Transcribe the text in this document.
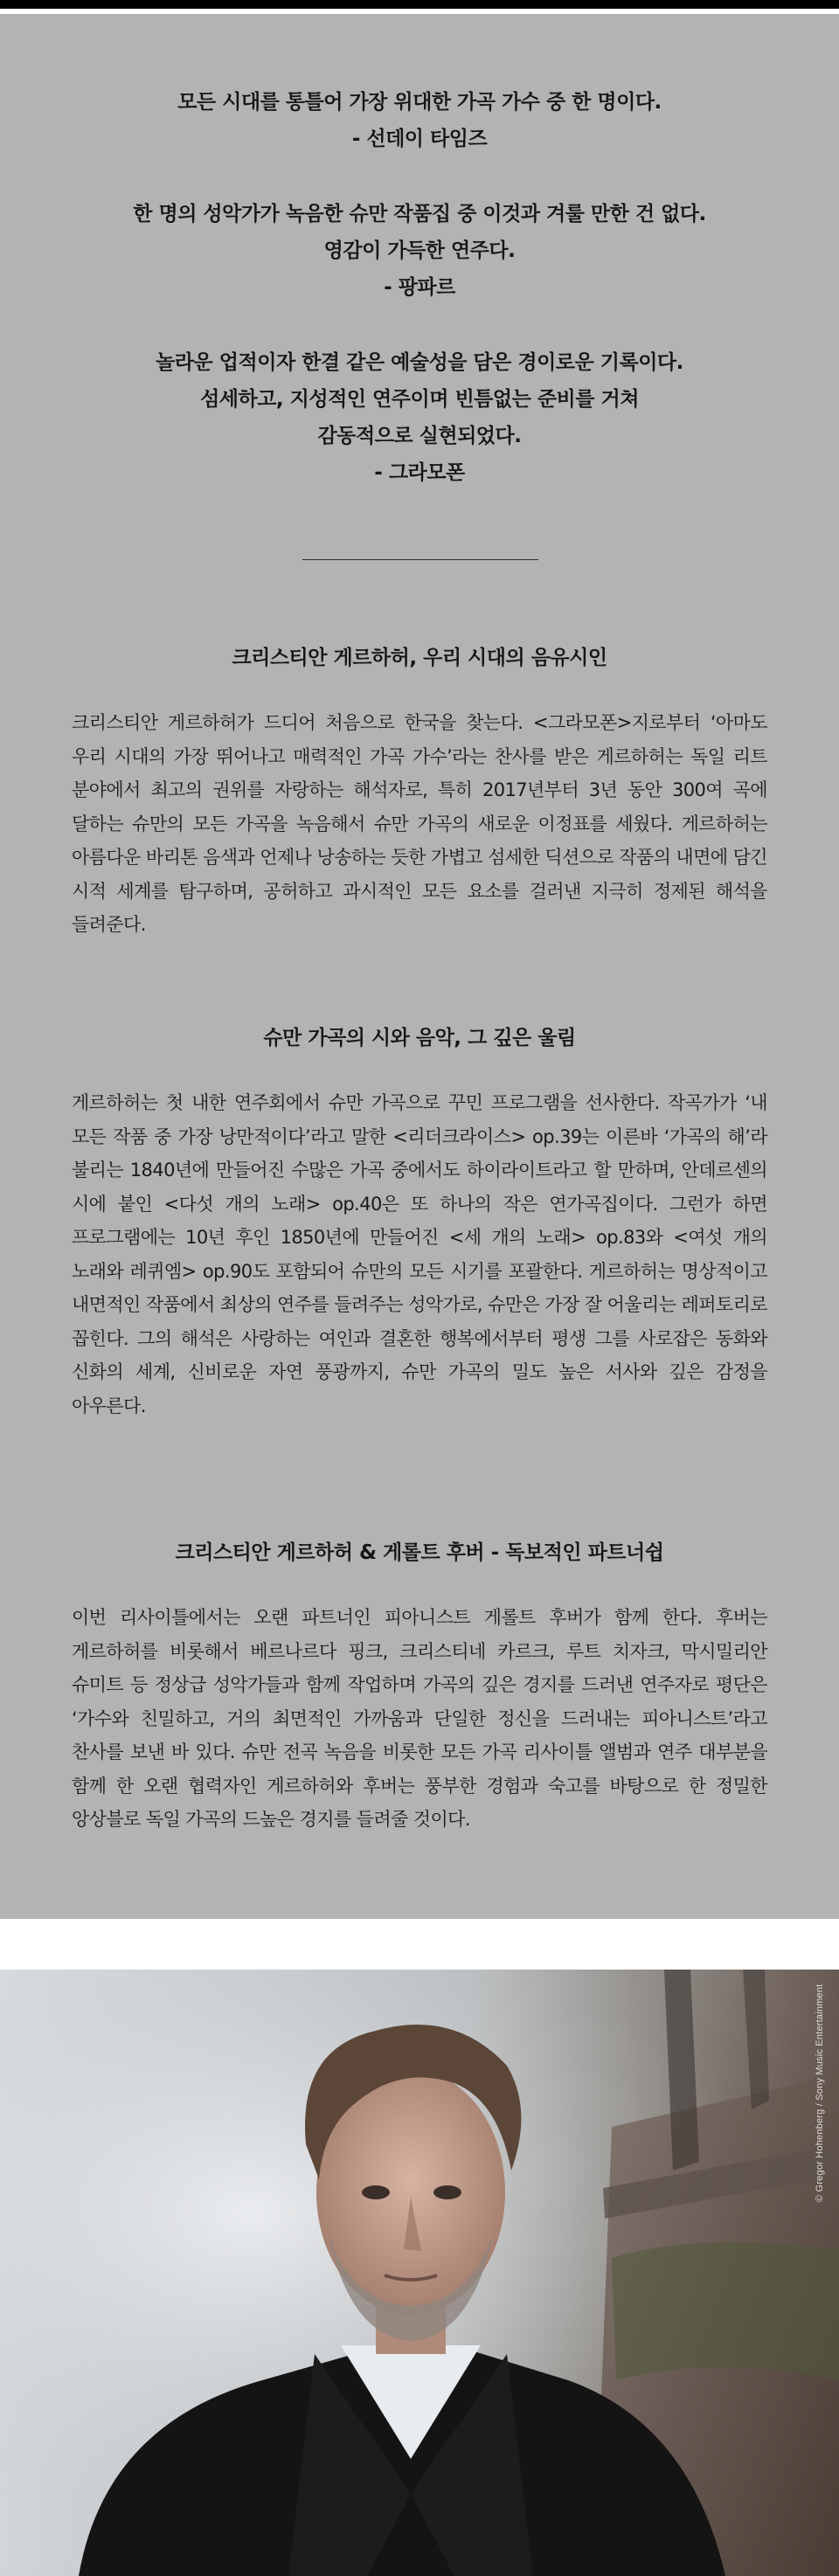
모든 시대를 통틀어 가장 위대한 가곡 가수 중 한 명이다.
- 선데이 타임즈
한 명의 성악가가 녹음한 슈만 작품집 중 이것과 겨룰 만한 건 없다.
영감이 가득한 연주다.
- 팡파르
놀라운 업적이자 한결 같은 예술성을 담은 경이로운 기록이다.
섬세하고, 지성적인 연주이며 빈틈없는 준비를 거쳐
감동적으로 실현되었다.
- 그라모폰
크리스티안 게르하허, 우리 시대의 음유시인
크리스티안 게르하허가 드디어 처음으로 한국을 찾는다. <그라모폰>지로부터 ‘아마도 우리 시대의 가장 뛰어나고 매력적인 가곡 가수’라는 찬사를 받은 게르하허는 독일 리트 분야에서 최고의 권위를 자랑하는 해석자로, 특히 2017년부터 3년 동안 300여 곡에 달하는 슈만의 모든 가곡을 녹음해서 슈만 가곡의 새로운 이정표를 세웠다. 게르하허는 아름다운 바리톤 음색과 언제나 낭송하는 듯한 가볍고 섬세한 딕션으로 작품의 내면에 담긴 시적 세계를 탐구하며, 공허하고 과시적인 모든 요소를 걸러낸 지극히 정제된 해석을 들려준다.
슈만 가곡의 시와 음악, 그 깊은 울림
게르하허는 첫 내한 연주회에서 슈만 가곡으로 꾸민 프로그램을 선사한다. 작곡가가 ‘내 모든 작품 중 가장 낭만적이다’라고 말한 <리더크라이스> op.39는 이른바 ‘가곡의 해’라 불리는 1840년에 만들어진 수많은 가곡 중에서도 하이라이트라고 할 만하며, 안데르센의 시에 붙인 <다섯 개의 노래> op.40은 또 하나의 작은 연가곡집이다. 그런가 하면 프로그램에는 10년 후인 1850년에 만들어진 <세 개의 노래> op.83와 <여섯 개의 노래와 레퀴엠> op.90도 포함되어 슈만의 모든 시기를 포괄한다. 게르하허는 명상적이고 내면적인 작품에서 최상의 연주를 들려주는 성악가로, 슈만은 가장 잘 어울리는 레퍼토리로 꼽힌다. 그의 해석은 사랑하는 여인과 결혼한 행복에서부터 평생 그를 사로잡은 동화와 신화의 세계, 신비로운 자연 풍광까지, 슈만 가곡의 밀도 높은 서사와 깊은 감정을 아우른다.
크리스티안 게르하허 & 게롤트 후버 - 독보적인 파트너쉽
이번 리사이틀에서는 오랜 파트너인 피아니스트 게롤트 후버가 함께 한다. 후버는 게르하허를 비롯해서 베르나르다 핑크, 크리스티네 카르크, 루트 치자크, 막시밀리안 슈미트 등 정상급 성악가들과 함께 작업하며 가곡의 깊은 경지를 드러낸 연주자로 평단은 ‘가수와 친밀하고, 거의 최면적인 가까움과 단일한 정신을 드러내는 피아니스트’라고 찬사를 보낸 바 있다. 슈만 전곡 녹음을 비롯한 모든 가곡 리사이틀 앨범과 연주 대부분을 함께 한 오랜 협력자인 게르하허와 후버는 풍부한 경험과 숙고를 바탕으로 한 정밀한 앙상블로 독일 가곡의 드높은 경지를 들려줄 것이다.
© Gregor Hohenberg / Sony Music Entertainment
